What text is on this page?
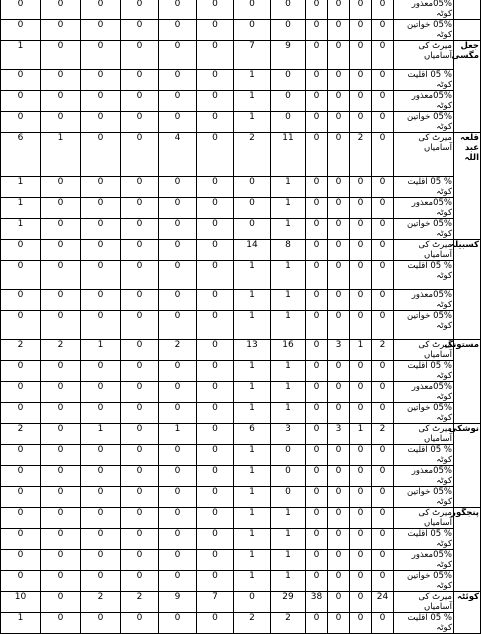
0	0	0	0	0	0	0	0	0	0	0	0	05%معذور کوٹہ	
0	0	0	0	0	0	0	0	0	0	0	0	05% خواتین کوٹہ	
1	0	0	0	0	0	7	9	0	0	0	0	میرٹ کی آسامیاں	جعل مگسی
0	0	0	0	0	0	1	0	0	0	0	0	% 05 اقلیت کوٹہ	
0	0	0	0	0	0	1	0	0	0	0	0	05%معذور کوٹہ	
0	0	0	0	0	0	1	0	0	0	0	0	05% خواتین کوٹہ	
6	1	0	0	4	0	2	11	0	0	2	0	میرٹ کی آسامیاں	قلعہ عبد اللہ
1	0	0	0	0	0	0	1	0	0	0	0	% 05 اقلیت کوٹہ	
1	0	0	0	0	0	0	1	0	0	0	0	05%معذور کوٹہ	
1	0	0	0	0	0	0	1	0	0	0	0	05% خواتین کوٹہ	
0	0	0	0	0	0	14	8	0	0	0	0	میرٹ کی آسامیاں	کسبیلہ
0	0	0	0	0	0	1	1	0	0	0	0	% 05 اقلیت کوٹہ	
0	0	0	0	0	0	1	1	0	0	0	0	05%معذور کوٹہ	
0	0	0	0	0	0	1	1	0	0	0	0	05% خواتین کوٹہ	
2	2	1	0	2	0	13	16	0	3	1	2	میرٹ کی آسامیاں	مستونگ
0	0	0	0	0	0	1	1	0	0	0	0	% 05 اقلیت کوٹہ	
0	0	0	0	0	0	1	1	0	0	0	0	05%معذور کوٹہ	
0	0	0	0	0	0	1	1	0	0	0	0	05% خواتین کوٹہ	
2	0	1	0	1	0	6	3	0	3	1	2	میرٹ کی آسامیاں	نوشکی
0	0	0	0	0	0	1	0	0	0	0	0	% 05 اقلیت کوٹہ	
0	0	0	0	0	0	1	0	0	0	0	0	05%معذور کوٹہ	
0	0	0	0	0	0	1	0	0	0	0	0	05% خواتین کوٹہ	
0	0	0	0	0	0	1	1	0	0	0	0	میرٹ کی آسامیاں	پنجگور
0	0	0	0	0	0	1	1	0	0	0	0	% 05 اقلیت کوٹہ	
0	0	0	0	0	0	1	1	0	0	0	0	05%معذور کوٹہ	
0	0	0	0	0	0	1	1	0	0	0	0	05% خواتین کوٹہ	
10	0	2	2	9	7	0	29	38	0	0	24	میرٹ کی آسامیاں	کوئٹہ
1	0	0	0	0	0	2	2	0	0	0	0	% 05 اقلیت کوٹہ	
